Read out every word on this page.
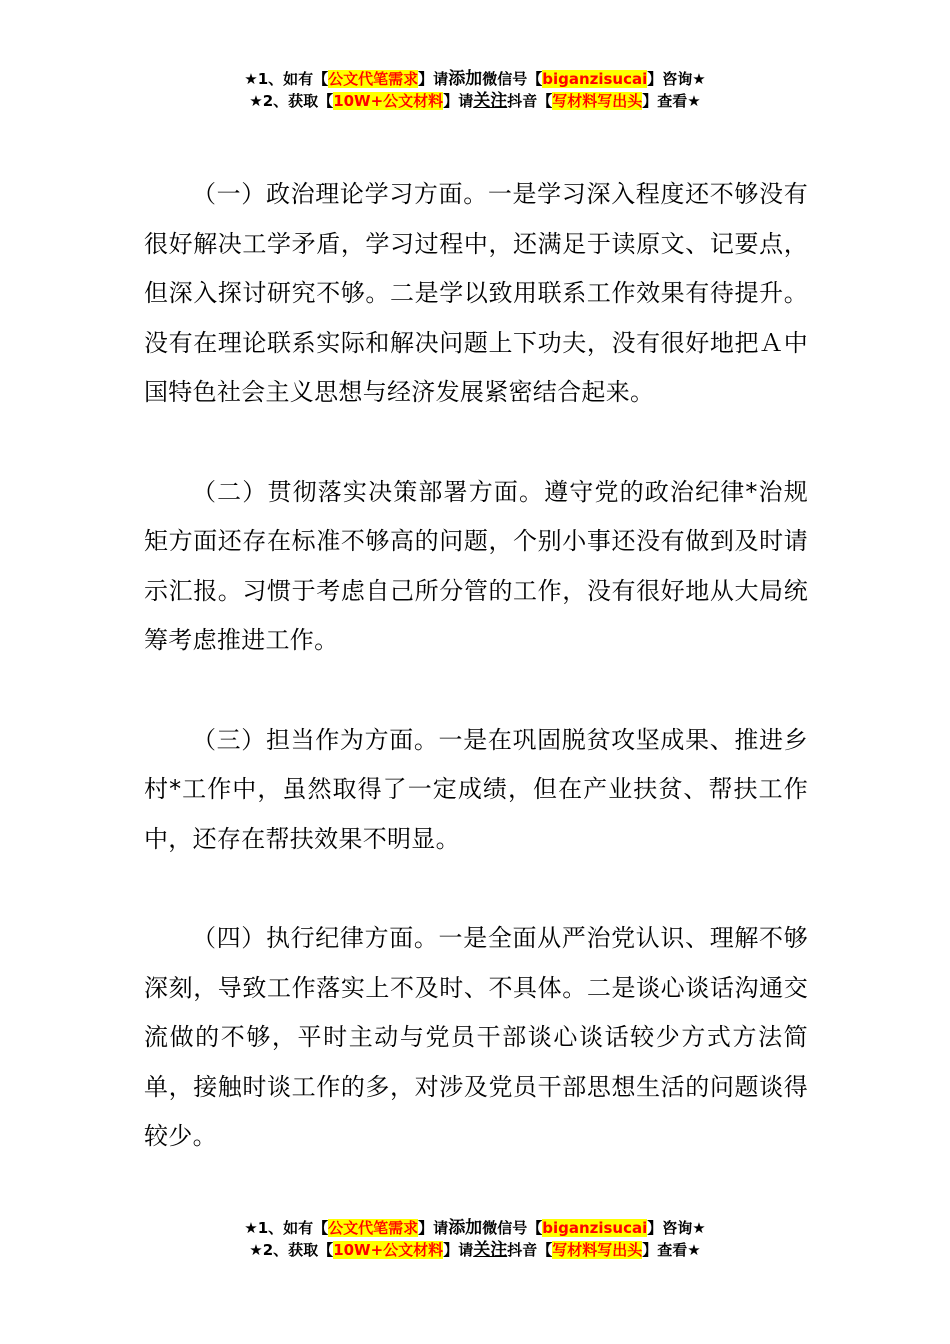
★1、如有【公文代笔需求】请添加微信号【biganzisucai】咨询★
★2、获取【10W+公文材料】请关注抖音【写材料写出头】查看★

（一）政治理论学习方面。一是学习深入程度还不够没有很好解决工学矛盾，学习过程中，还满足于读原文、记要点，但深入探讨研究不够。二是学以致用联系工作效果有待提升。没有在理论联系实际和解决问题上下功夫，没有很好地把Ａ中国特色社会主义思想与经济发展紧密结合起来。

（二）贯彻落实决策部署方面。遵守党的政治纪律*治规矩方面还存在标准不够高的问题，个别小事还没有做到及时请示汇报。习惯于考虑自己所分管的工作，没有很好地从大局统筹考虑推进工作。

（三）担当作为方面。一是在巩固脱贫攻坚成果、推进乡村*工作中，虽然取得了一定成绩，但在产业扶贫、帮扶工作中，还存在帮扶效果不明显。

（四）执行纪律方面。一是全面从严治党认识、理解不够深刻，导致工作落实上不及时、不具体。二是谈心谈话沟通交流做的不够，平时主动与党员干部谈心谈话较少方式方法简单，接触时谈工作的多，对涉及党员干部思想生活的问题谈得较少。

★1、如有【公文代笔需求】请添加微信号【biganzisucai】咨询★
★2、获取【10W+公文材料】请关注抖音【写材料写出头】查看★
